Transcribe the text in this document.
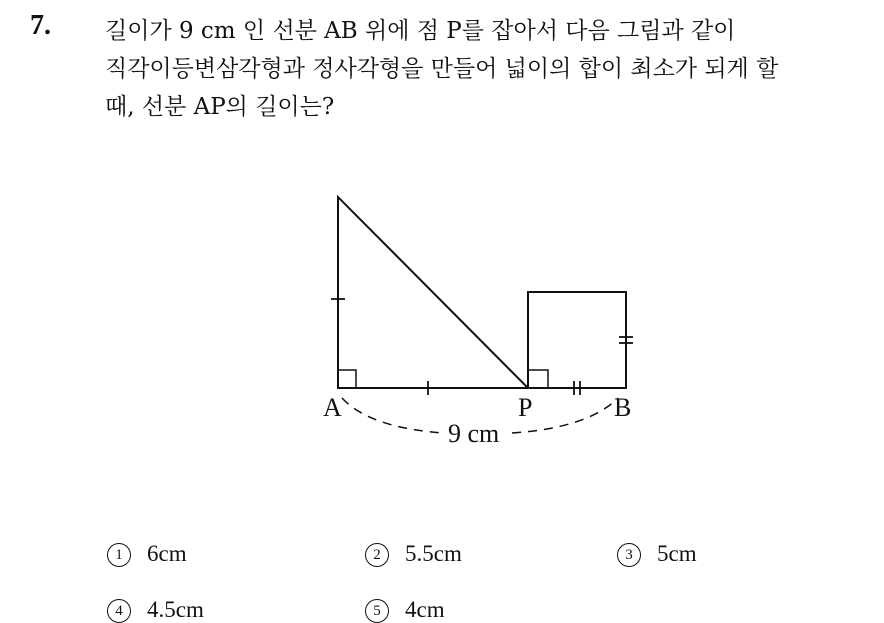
7. 길이가 9 cm 인 선분 AB 위에 점 P를 잡아서 다음 그림과 같이
직각이등변삼각형과 정사각형을 만들어 넓이의 합이 최소가 되게 할
때, 선분 AP의 길이는?
A	P	B
9 cm
1 6cm	2 5.5cm	3 5cm
4 4.5cm	5 4cm
